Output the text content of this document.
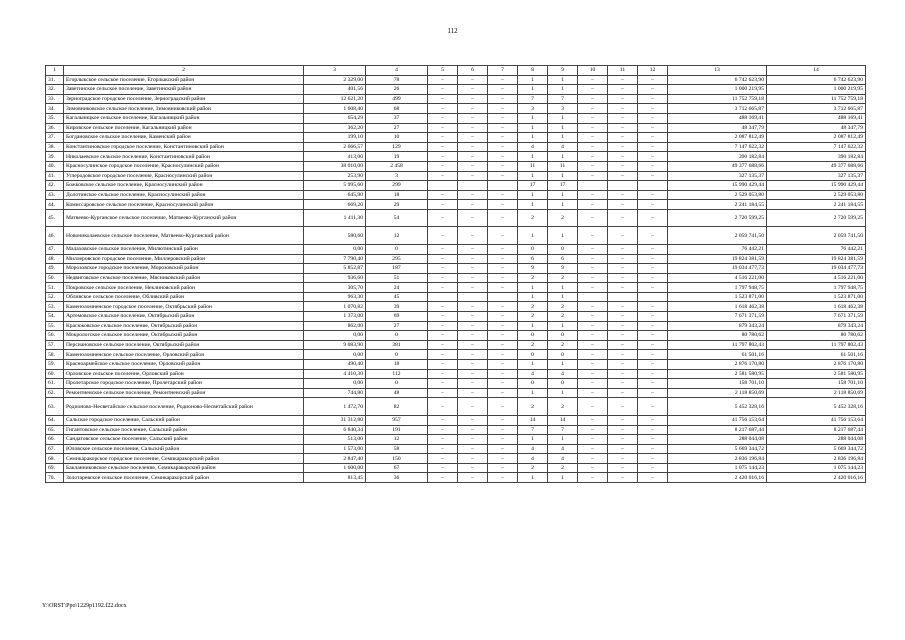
112
1	2	3	4	5	6	7	8	9	10	11	12	13	14
31.	Егорлыкское сельское поселение, Егорлыкский район	2 329,00	78	–	–	–	1	1	–	–	–	6 742 623,90	6 742 623,90
32.	Заветинское сельское поселение, Заветинский район	401,56	26	–	–	–	1	1	–	–	–	1 000 219,95	1 000 219,95
33.	Зерноградское городское поселение, Зерноградский район	12 621,20	499	–	–	–	7	7	–	–	–	11 752 759,18	11 752 759,18
34.	Зимовниковское сельское поселение, Зимовниковский район	1 608,40	68	–	–	–	3	3	–	–	–	3 712 665,87	3 712 665,87
35.	Кагальницкое сельское поселение, Кагальницкий район	654,29	37	–	–	–	1	1	–	–	–	488 169,41	488 169,41
36.	Кировское сельское поселение, Кагальницкий район	362,20	27	–	–	–	1	1	–	–	–	48 347,79	48 347,79
37.	Богдановское сельское поселение, Каменский район	199,10	10	–	–	–	1	1	–	–	–	2 087 812,49	2 087 812,49
38.	Константиновское городское поселение, Константиновский район	2 666,57	129	–	–	–	4	4	–	–	–	7 147 622,32	7 147 622,32
39.	Николаевское сельское поселение, Константиновский район	413,00	19	–	–	–	1	1	–	–	–	390 182,84	390 182,84
40.	Красносулинское городское поселение, Красносулинский район	38 010,00	2 458	–	–	–	11	11	–	–	–	49 377 688,66	49 377 688,66
41.	Углеродовское городское поселение, Красносулинский район	253,90	3	–	–	–	1	1	–	–	–	327 135,37	327 135,37
42.	Божковское сельское поселение, Красносулинский район	5 995,60	299				17	17				15 990 429,44	15 990 429,44
43.	Долотинское сельское поселение, Красносулинский район	645,90	18	–	–	–	1	1	–	–	–	2 529 053,80	2 529 053,80
44.	Комиссаровское сельское поселение, Красносулинский район	669,20	29	–	–	–	1	1	–	–	–	2 241 184,55	2 241 184,55
45.	Матвеево-Курганское сельское поселение, Матвеево-Курганский район	1 411,30	54	–	–	–	2	2	–	–	–	2 720 599,25	2 720 599,25
46.	Новониколаевское сельское поселение, Матвеево-Курганский район	580,60	12	–	–	–	1	1	–	–	–	2 059 741,50	2 059 741,50
47.	Малаховское сельское поселение, Милютинский район	0,00	0	–	–	–	0	0	–	–	–	76 442,21	76 442,21
48.	Миллеровское городское поселение, Миллеровский район	7 790,40	295	–	–	–	6	6	–	–	–	19 824 381,59	19 824 381,59
49.	Морозовское городское поселение, Морозовский район	5 852,87	187	–	–	–	9	9	–	–	–	19 034 477,73	19 034 477,73
50.	Недвиговское сельское поселение, Мясниковский район	936,60	51	–	–	–	2	2	–	–	–	4 516 221,00	4 516 221,00
51.	Покровское сельское поселение, Неклиновский район	305,70	24	–	–	–	1	1	–	–	–	1 797 948,75	1 797 948,75
52.	Обливское сельское поселение, Обливский район	963,30	45				1	1				1 523 871,00	1 523 871,00
53.	Каменоломненское городское поселение, Октябрьский район	1 070,82	39	–	–	–	2	2	–	–	–	1 618 462,38	1 618 462,38
54.	Артемовское сельское поселение, Октябрьский район	1 373,00	69	–	–	–	2	2	–	–	–	7 671 371,59	7 671 371,59
55.	Красюковское сельское поселение, Октябрьский район	862,00	27	–	–	–	1	1	–	–	–	879 343,24	879 343,24
56.	Мокрологское сельское поселение, Октябрьский район	0,00	0	–	–	–	0	0	–	–	–	80 780,62	80 780,62
57.	Персиановское сельское поселение, Октябрьский район	9 083,90	381	–	–	–	2	2	–	–	–	11 797 802,43	11 797 802,43
58.	Каменоломненское сельское поселение, Орловский район	0,00	0	–	–	–	0	0	–	–	–	61 501,16	61 501,16
59.	Красноармейское сельское поселение, Орловский район	490,40	18	–	–	–	1	1	–	–	–	2 876 170,80	2 876 170,80
60.	Орловское сельское поселение, Орловский район	4 410,30	112	–	–	–	4	4	–	–	–	2 581 580,95	2 581 580,95
61.	Пролетарское городское поселение, Пролетарский район	0,00	0	–	–	–	0	0	–	–	–	158 701,10	158 701,10
62.	Ремонтненское сельское поселение, Ремонтненский район	744,80	48	–	–	–	1	1	–	–	–	2 118 850,69	2 118 850,69
63.	Родионово-Несветайское сельское поселение, Родионово-Несветайский район	1 472,70	82	–	–	–	2	2	–	–	–	5 452 328,16	5 452 328,16
64.	Сальское городское поселение, Сальский район	31 312,80	957	–	–	–	14	14	–	–	–	41 756 153,64	41 756 153,64
65.	Гигантовское сельское поселение, Сальский район	6 840,34	191	–	–	–	7	7	–	–	–	8 217 687,44	8 217 687,44
66.	Сандатовское сельское поселение, Сальский район	513,00	12	–	–	–	1	1	–	–	–	288 044,08	288 044,08
67.	Юловское сельское поселение, Сальский район	1 573,00	58	–	–	–	4	4	–	–	–	5 669 344,72	5 669 344,72
68.	Семикаракорское городское поселение, Семикаракорский район	2 847,40	150	–	–	–	4	4	–	–	–	2 836 196,84	2 836 196,84
69.	Бакланниковское сельское поселение, Семикаракорский район	1 600,00	67	–	–	–	2	2	–	–	–	1 075 144,23	1 075 144,23
70.	Золотаревское сельское поселение, Семикаракорский район	813,45	36	–	–	–	1	1	–	–	–	2 420 016,16	2 420 016,16
Y:\ORST\Ppo\1229p1192.f22.docx
